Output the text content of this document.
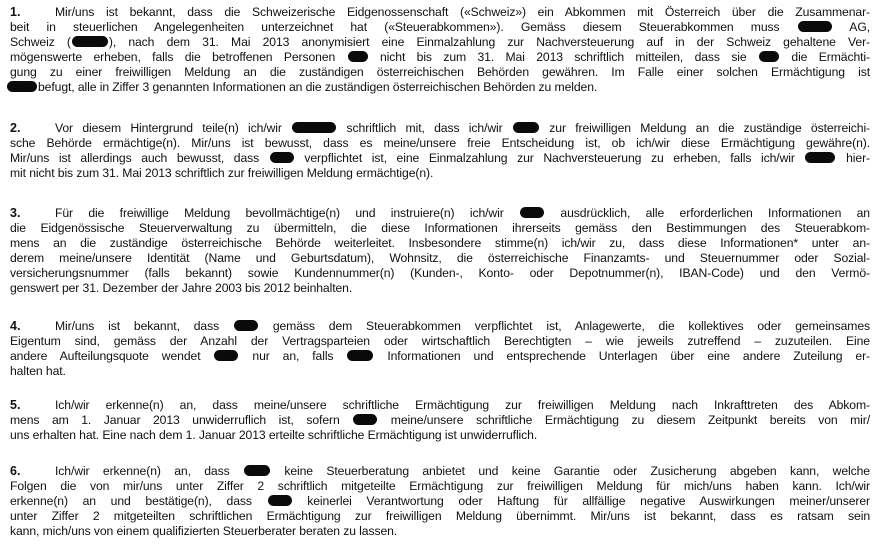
1.	Mir/uns ist bekannt, dass die Schweizerische Eidgenossenschaft («Schweiz») ein Abkommen mit Österreich über die Zusammenar-
beit in steuerlichen Angelegenheiten unterzeichnet hat («Steuerabkommen»). Gemäss diesem Steuerabkommen muss	AG,
Schweiz (	), nach dem 31. Mai 2013 anonymisiert eine Einmalzahlung zur Nachversteuerung auf in der Schweiz gehaltene Ver-
mögenswerte erheben, falls die betroffenen Personen  nicht bis zum 31. Mai 2013 schriftlich mitteilen, dass sie  die Ermächti-
gung zu einer freiwilligen Meldung an die zuständigen österreichischen Behörden gewähren. Im Falle einer solchen Ermächtigung ist
befugt, alle in Ziffer 3 genannten Informationen an die zuständigen österreichischen Behörden zu melden.
2.	Vor diesem Hintergrund teile(n) ich/wir	schriftlich mit, dass ich/wir  zur freiwilligen Meldung an die zuständige österreichi-
sche Behörde ermächtige(n). Mir/uns ist bewusst, dass es meine/unsere freie Entscheidung ist, ob ich/wir diese Ermächtigung gewähre(n).
Mir/uns ist allerdings auch bewusst, dass  verpflichtet ist, eine Einmalzahlung zur Nachversteuerung zu erheben, falls ich/wir	hier-
mit nicht bis zum 31. Mai 2013 schriftlich zur freiwilligen Meldung ermächtige(n).
3.	Für die freiwillige Meldung bevollmächtige(n) und instruiere(n) ich/wir  ausdrücklich, alle erforderlichen Informationen an
die Eidgenössische Steuerverwaltung zu übermitteln, die diese Informationen ihrerseits gemäss den Bestimmungen des Steuerabkom-
mens an die zuständige österreichische Behörde weiterleitet. Insbesondere stimme(n) ich/wir zu, dass diese Informationen* unter an-
derem meine/unsere Identität (Name und Geburtsdatum), Wohnsitz, die österreichische Finanzamts- und Steuernummer oder Sozial-
versicherungsnummer (falls bekannt) sowie Kundennummer(n) (Kunden-, Konto- oder Depotnummer(n), IBAN-Code) und den Vermö-
genswert per 31. Dezember der Jahre 2003 bis 2012 beinhalten.
4.	Mir/uns ist bekannt, dass  gemäss dem Steuerabkommen verpflichtet ist, Anlagewerte, die kollektives oder gemeinsames
Eigentum sind, gemäss der Anzahl der Vertragsparteien oder wirtschaftlich Berechtigten – wie jeweils zutreffend – zuzuteilen. Eine
andere Aufteilungsquote wendet  nur an, falls  Informationen und entsprechende Unterlagen über eine andere Zuteilung er-
halten hat.
5.	Ich/wir erkenne(n) an, dass meine/unsere schriftliche Ermächtigung zur freiwilligen Meldung nach Inkrafttreten des Abkom-
mens am 1. Januar 2013 unwiderruflich ist, sofern  meine/unsere schriftliche Ermächtigung zu diesem Zeitpunkt bereits von mir/
uns erhalten hat. Eine nach dem 1. Januar 2013 erteilte schriftliche Ermächtigung ist unwiderruflich.
6.	Ich/wir erkenne(n) an, dass  keine Steuerberatung anbietet und keine Garantie oder Zusicherung abgeben kann, welche
Folgen die von mir/uns unter Ziffer 2 schriftlich mitgeteilte Ermächtigung zur freiwilligen Meldung für mich/uns haben kann. Ich/wir
erkenne(n) an und bestätige(n), dass  keinerlei Verantwortung oder Haftung für allfällige negative Auswirkungen meiner/unserer
unter Ziffer 2 mitgeteilten schriftlichen Ermächtigung zur freiwilligen Meldung übernimmt. Mir/uns ist bekannt, dass es ratsam sein
kann, mich/uns von einem qualifizierten Steuerberater beraten zu lassen.
